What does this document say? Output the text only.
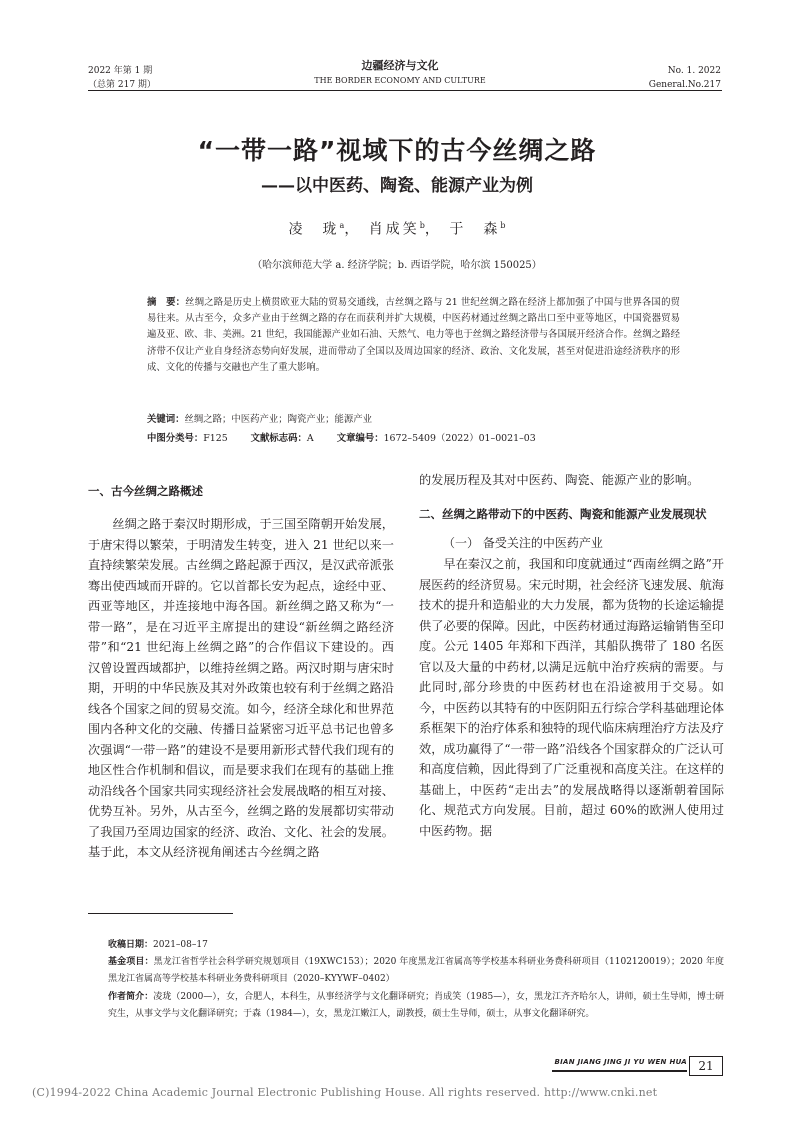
2022 年第 1 期
（总第 217 期）
边疆经济与文化
THE BORDER ECONOMY AND CULTURE
No. 1. 2022
General.No.217
“一带一路”视域下的古今丝绸之路
——以中医药、陶瓷、能源产业为例
凌　珑$^a$， 肖成笑$^b$， 于　森$^b$
（哈尔滨师范大学 a. 经济学院；b. 西语学院，哈尔滨 150025）
摘　要：丝绸之路是历史上横贯欧亚大陆的贸易交通线，古丝绸之路与 21 世纪丝绸之路在经济上都加强了中国与世界各国的贸易往来。从古至今，众多产业由于丝绸之路的存在而获利并扩大规模，中医药材通过丝绸之路出口至中亚等地区，中国瓷器贸易遍及亚、欧、非、美洲。21 世纪，我国能源产业如石油、天然气、电力等也于丝绸之路经济带与各国展开经济合作。丝绸之路经济带不仅让产业自身经济态势向好发展，进而带动了全国以及周边国家的经济、政治、文化发展，甚至对促进沿途经济秩序的形成、文化的传播与交融也产生了重大影响。
关键词：丝绸之路；中医药产业；陶瓷产业；能源产业
中图分类号：F125 文献标志码：A 文章编号：1672–5409（2022）01–0021–03

一、古今丝绸之路概述

丝绸之路于秦汉时期形成，于三国至隋朝开始发展，于唐宋得以繁荣，于明清发生转变，进入 21 世纪以来一直持续繁荣发展。古丝绸之路起源于西汉，是汉武帝派张骞出使西域而开辟的。它以首都长安为起点，途经中亚、西亚等地区，并连接地中海各国。新丝绸之路又称为“一带一路”，是在习近平主席提出的建设“新丝绸之路经济带”和“21 世纪海上丝绸之路”的合作倡议下建设的。西汉曾设置西域都护，以维持丝绸之路。两汉时期与唐宋时期，开明的中华民族及其对外政策也较有利于丝绸之路沿线各个国家之间的贸易交流。如今，经济全球化和世界范围内各种文化的交融、传播日益紧密习近平总书记也曾多次强调“一带一路”的建设不是要用新形式替代我们现有的地区性合作机制和倡议，而是要求我们在现有的基础上推动沿线各个国家共同实现经济社会发展战略的相互对接、优势互补。另外，从古至今，丝绸之路的发展都切实带动了我国乃至周边国家的经济、政治、文化、社会的发展。基于此，本文从经济视角阐述古今丝绸之路

的发展历程及其对中医药、陶瓷、能源产业的影响。

二、丝绸之路带动下的中医药、陶瓷和能源产业发展现状

（一） 备受关注的中医药产业

早在秦汉之前，我国和印度就通过“西南丝绸之路”开展医药的经济贸易。宋元时期，社会经济飞速发展、航海技术的提升和造船业的大力发展，都为货物的长途运输提供了必要的保障。因此，中医药材通过海路运输销售至印度。公元 1405 年郑和下西洋，其船队携带了 180 名医官以及大量的中药材,以满足远航中治疗疾病的需要。与此同时,部分珍贵的中医药材也在沿途被用于交易。如今，中医药以其特有的中医阴阳五行综合学科基础理论体系框架下的治疗体系和独特的现代临床病理治疗方法及疗效，成功赢得了“一带一路”沿线各个国家群众的广泛认可和高度信赖，因此得到了广泛重视和高度关注。在这样的基础上，中医药“走出去”的发展战略得以逐渐朝着国际化、规范式方向发展。目前，超过 60%的欧洲人使用过中医药物。据

收稿日期：2021–08–17
基金项目：黑龙江省哲学社会科学研究规划项目（19XWC153）；2020 年度黑龙江省属高等学校基本科研业务费科研项目（1102120019）；2020 年度黑龙江省属高等学校基本科研业务费科研项目（2020–KYYWF–0402）
作者简介：凌珑（2000—），女，合肥人，本科生，从事经济学与文化翻译研究；肖成笑（1985—），女，黑龙江齐齐哈尔人，讲师，硕士生导师，博士研究生，从事文学与文化翻译研究；于森（1984—），女，黑龙江嫩江人，副教授，硕士生导师，硕士，从事文化翻译研究。
BIAN JIANG JING JI YU WEN HUA 21
(C)1994-2022 China Academic Journal Electronic Publishing House. All rights reserved. http://www.cnki.net
